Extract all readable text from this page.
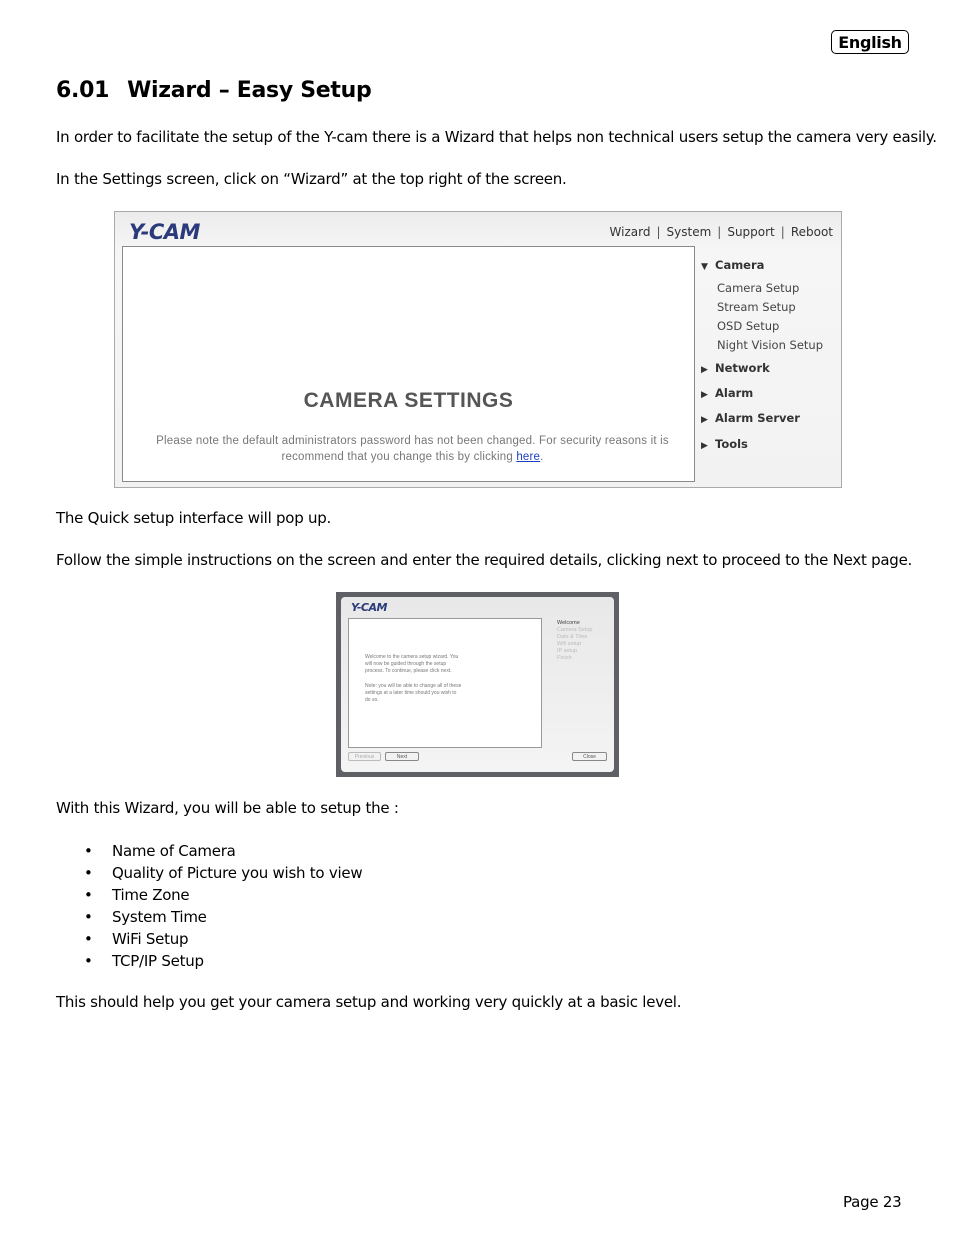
English
6.01 Wizard – Easy Setup
In order to facilitate the setup of the Y-cam there is a Wizard that helps non technical users setup the camera very easily.
In the Settings screen, click on “Wizard” at the top right of the screen.
Y-CAM	Wizard | System | Support | Reboot
CAMERA SETTINGS
Please note the default administrators password has not been changed. For security reasons it is recommend that you change this by clicking here.
▼ Camera
Camera Setup
Stream Setup
OSD Setup
Night Vision Setup
▶ Network
▶ Alarm
▶ Alarm Server
▶ Tools
The Quick setup interface will pop up.
Follow the simple instructions on the screen and enter the required details, clicking next to proceed to the Next page.
Y-CAM
Welcome to the camera setup wizard. You
will now be guided through the setup
process. To continue, please click next.
Note: you will be able to change all of these
settings at a later time should you wish to
do so.
Welcome
Camera Setup
Date & Time
Wifi setup
IP setup
Finish
Previous	Next	Close
With this Wizard, you will be able to setup the :
• Name of Camera
• Quality of Picture you wish to view
• Time Zone
• System Time
• WiFi Setup
• TCP/IP Setup
This should help you get your camera setup and working very quickly at a basic level.
Page 23
